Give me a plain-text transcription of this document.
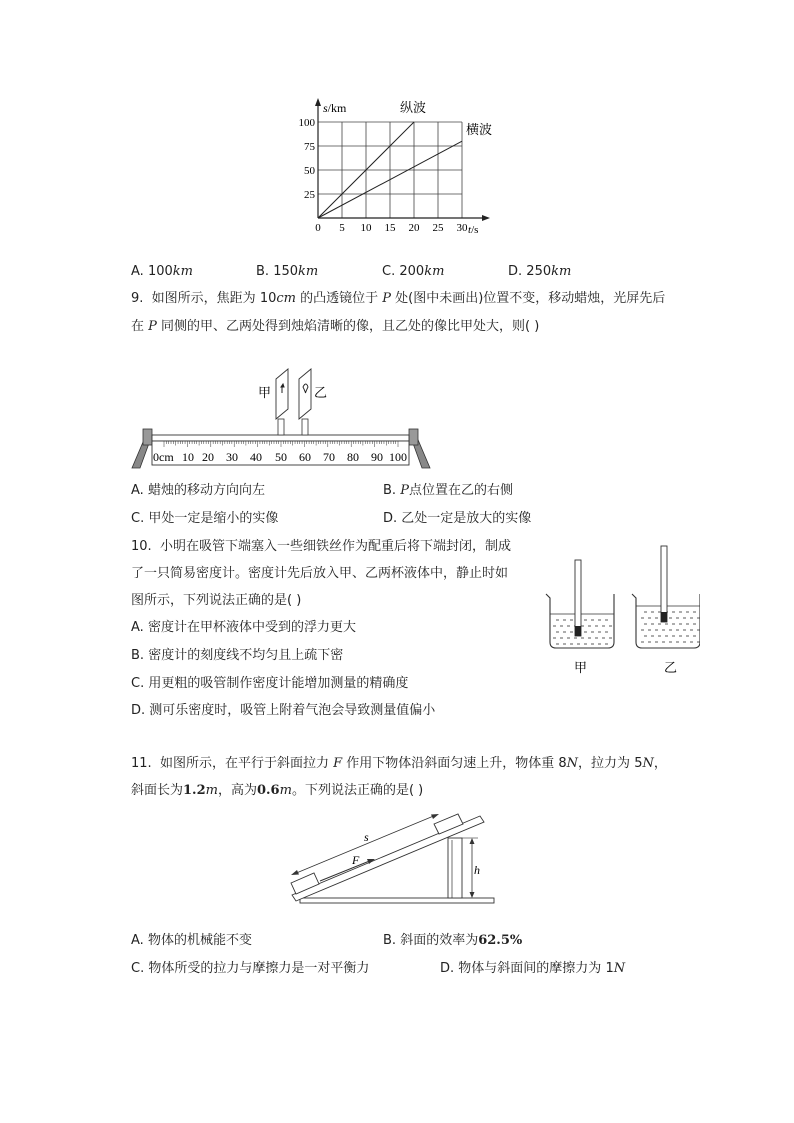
0 5 10 15 20 25 30
25
50
75
100
s/km
t/s
纵波
横波
A. 100km	B. 150km	C. 200km	D. 250km
9. 如图所示，焦距为 10cm 的凸透镜位于 P 处(图中未画出)位置不变，移动蜡烛，光屏先后
在 P 同侧的甲、乙两处得到烛焰清晰的像，且乙处的像比甲处大，则( )
0cm 10 20 30 40 50 60 70 80 90 100
甲	乙
A. 蜡烛的移动方向向左	B. P点位置在乙的右侧
C. 甲处一定是缩小的实像	D. 乙处一定是放大的实像
10. 小明在吸管下端塞入一些细铁丝作为配重后将下端封闭，制成
了一只简易密度计。密度计先后放入甲、乙两杯液体中，静止时如
图所示，下列说法正确的是( )
甲	乙
A. 密度计在甲杯液体中受到的浮力更大
B. 密度计的刻度线不均匀且上疏下密
C. 用更粗的吸管制作密度计能增加测量的精确度
D. 测可乐密度时，吸管上附着气泡会导致测量值偏小
11. 如图所示，在平行于斜面拉力 F 作用下物体沿斜面匀速上升，物体重 8N，拉力为 5N，
斜面长为1.2m，高为0.6m。下列说法正确的是( )
h
s
F
A. 物体的机械能不变	B. 斜面的效率为62.5%
C. 物体所受的拉力与摩擦力是一对平衡力	D. 物体与斜面间的摩擦力为 1N
